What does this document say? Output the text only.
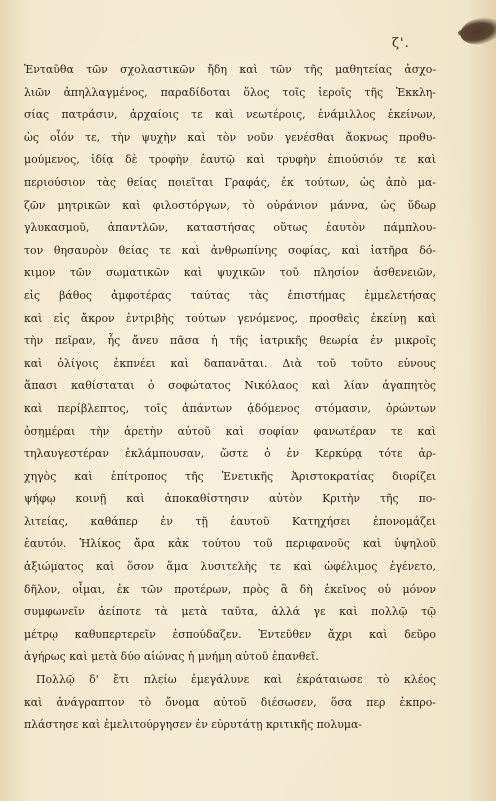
ζ'.
Ἐνταῦθα τῶν σχολαστικῶν ἤδη καὶ τῶν τῆς μαθητείας ἀσχο-
λιῶν ἀπηλλαγμένος, παραδίδοται ὅλος τοῖς ἱεροῖς τῆς Ἐκκλη-
σίας πατράσιν, ἀρχαίοις τε καὶ νεωτέροις, ἐνάμιλλος ἐκείνων,
ὡς οἷόν τε, τὴν ψυχὴν καὶ τὸν νοῦν γενέσθαι ἄοκνως προθυ-
μούμενος, ἰδίᾳ δὲ τροφὴν ἑαυτῷ καὶ τρυφὴν ἐπιούσιόν τε καὶ
περιούσιον τὰς θείας ποιεῖται Γραφάς, ἐκ τούτων, ὡς ἀπὸ μα-
ζῶν μητρικῶν καὶ φιλοστόργων, τὸ οὐράνιον μάννα, ὡς ὕδωρ
γλυκασμοῦ, ἀπαντλῶν, καταστήσας οὕτως ἑαυτὸν πάμπλου-
τον θησαυρὸν θείας τε καὶ ἀνθρωπίνης σοφίας, καὶ ἰατῆρα δό-
κιμον τῶν σωματικῶν καὶ ψυχικῶν τοῦ πλησίον ἀσθενειῶν,
εἰς βάθος ἀμφοτέρας ταύτας τὰς ἐπιστήμας ἐμμελετήσας
καὶ εἰς ἄκρον ἐντριβὴς τούτων γενόμενος, προσθεὶς ἐκείνῃ καὶ
τὴν πεῖραν, ἧς ἄνευ πᾶσα ἡ τῆς ἰατρικῆς θεωρία ἐν μικροῖς
καὶ ὀλίγοις ἐκπνέει καὶ δαπανᾶται. Διὰ τοῦ τοῦτο εὐνους
ἅπασι καθίσταται ὁ σοφώτατος Νικόλαος καὶ λίαν ἀγαπητὸς
καὶ περίβλεπτος, τοῖς ἁπάντων ᾀδόμενος στόμασιν, ὀρώντων
ὀσημέραι τὴν ἀρετὴν αὐτοῦ καὶ σοφίαν φανωτέραν τε καὶ
τηλαυγεστέραν ἐκλάμπουσαν, ὥστε ὁ ἐν Κερκύρᾳ τότε ἀρ-
χηγὸς καὶ ἐπίτροπος τῆς Ἐνετικῆς Ἀριστοκρατίας διορίζει
ψήφῳ κοινῇ καὶ ἀποκαθίστησιν αὐτὸν Κριτὴν τῆς πο-
λιτείας, καθάπερ ἐν τῇ ἑαυτοῦ Κατηχήσει ἐπονομάζει
ἑαυτόν. Ἡλίκος ἄρα κἀκ τούτου τοῦ περιφανοῦς καὶ ὑψηλοῦ
ἀξιώματος καὶ ὅσον ἅμα λυσιτελὴς τε καὶ ὠφέλιμος ἐγένετο,
δῆλον, οἶμαι, ἐκ τῶν προτέρων, πρὸς ἃ δὴ ἐκεῖνος οὐ μόνον
συμφωνεῖν ἀείποτε τὰ μετὰ ταῦτα, ἀλλά γε καὶ πολλῷ τῷ
μέτρῳ καθυπερτερεῖν ἐσπούδαζεν. Ἐντεῦθεν ἄχρι καὶ δεῦρο
ἀγήρως καὶ μετὰ δύο αἰώνας ἡ μνήμη αὐτοῦ ἐπανθεῖ.
Πολλῷ δ' ἔτι πλείω ἐμεγάλυνε καὶ ἐκράταιωσε τὸ κλέος
καὶ ἀνάγραπτον τὸ ὄνομα αὐτοῦ διέσωσεν, ὅσα περ ἐκπρο-
πλάστησε καὶ ἐμελιτούργησεν ἐν εὐρυτάτῃ κριτικῆς πολυμα-
